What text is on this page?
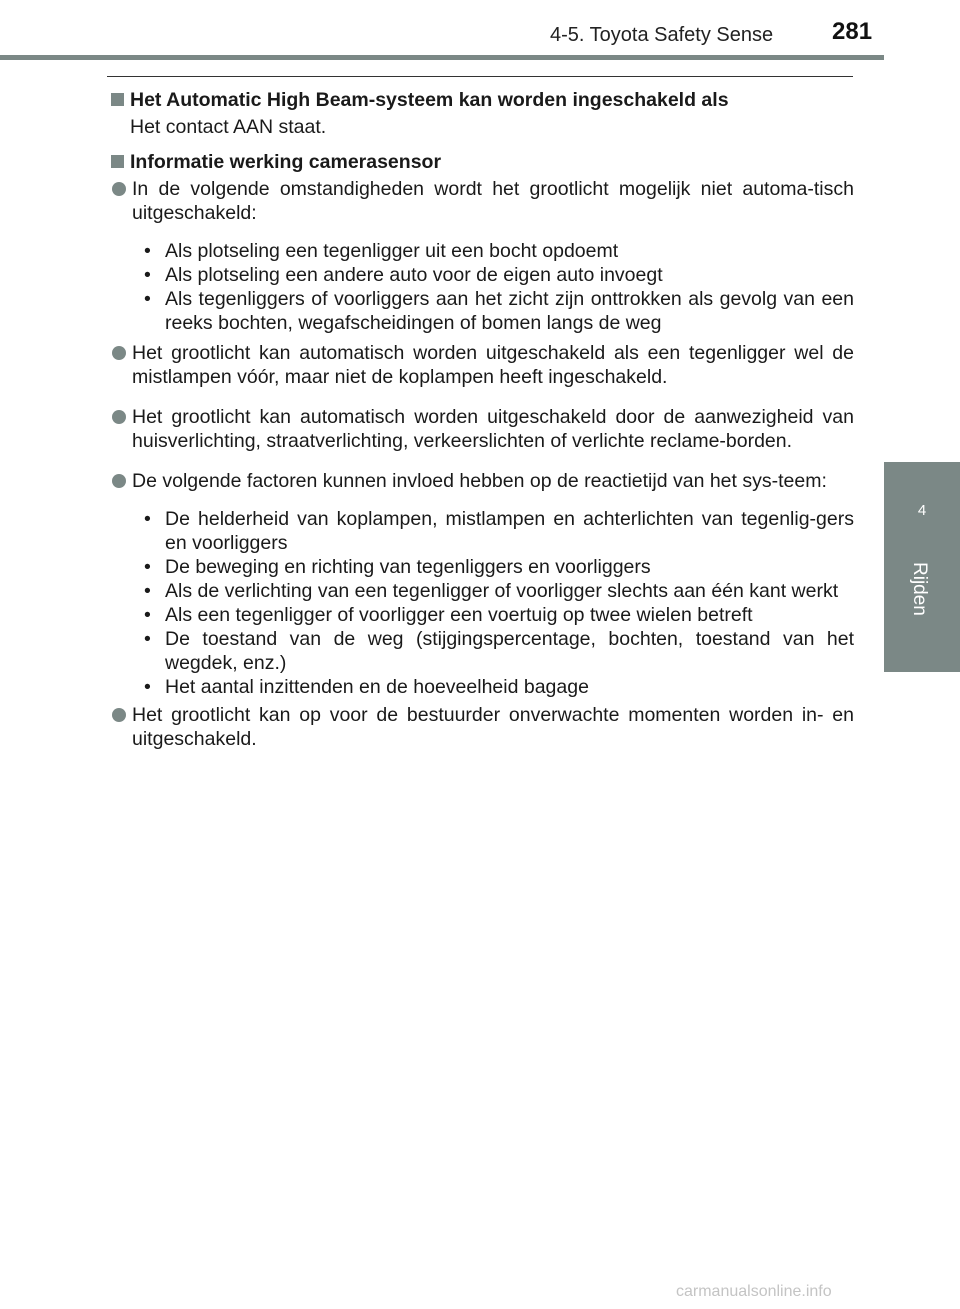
4-5. Toyota Safety Sense 281
4
Rijden
Het Automatic High Beam-systeem kan worden ingeschakeld als
Het contact AAN staat.
Informatie werking camerasensor
In de volgende omstandigheden wordt het grootlicht mogelijk niet automa-tisch uitgeschakeld:
• Als plotseling een tegenligger uit een bocht opdoemt
• Als plotseling een andere auto voor de eigen auto invoegt
• Als tegenliggers of voorliggers aan het zicht zijn onttrokken als gevolg van een reeks bochten, wegafscheidingen of bomen langs de weg
Het grootlicht kan automatisch worden uitgeschakeld als een tegenligger wel de mistlampen vóór, maar niet de koplampen heeft ingeschakeld.
Het grootlicht kan automatisch worden uitgeschakeld door de aanwezigheid van huisverlichting, straatverlichting, verkeerslichten of verlichte reclame-borden.
De volgende factoren kunnen invloed hebben op de reactietijd van het sys-teem:
• De helderheid van koplampen, mistlampen en achterlichten van tegenlig-gers en voorliggers
• De beweging en richting van tegenliggers en voorliggers
• Als de verlichting van een tegenligger of voorligger slechts aan één kant werkt
• Als een tegenligger of voorligger een voertuig op twee wielen betreft
• De toestand van de weg (stijgingspercentage, bochten, toestand van het wegdek, enz.)
• Het aantal inzittenden en de hoeveelheid bagage
Het grootlicht kan op voor de bestuurder onverwachte momenten worden in- en uitgeschakeld.
carmanualsonline.info
